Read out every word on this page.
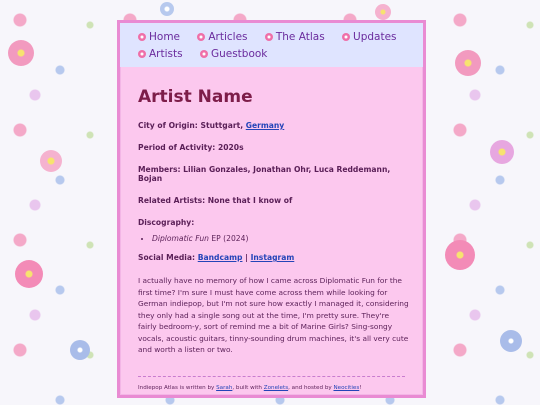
Home	Articles	The Atlas	Updates Artists	Guestbook
Artist Name

City of Origin: Stuttgart, Germany

Period of Activity: 2020s

Members: Lilian Gonzales, Jonathan Ohr, Luca Reddemann, Bojan

Related Artists: None that I know of

Discography:

• Diplomatic Fun EP (2024)

Social Media: Bandcamp | Instagram

I actually have no memory of how I came across Diplomatic Fun for the first time? I'm sure I must have come across them while looking for German indiepop, but I'm not sure how exactly I managed it, considering they only had a single song out at the time, I'm pretty sure. They're fairly bedroom-y, sort of remind me a bit of Marine Girls? Sing-songy vocals, acoustic guitars, tinny-sounding drum machines, it's all very cute and worth a listen or two.

Indiepop Atlas is written by Sarah, built with Zonelets, and hosted by Neocities!
